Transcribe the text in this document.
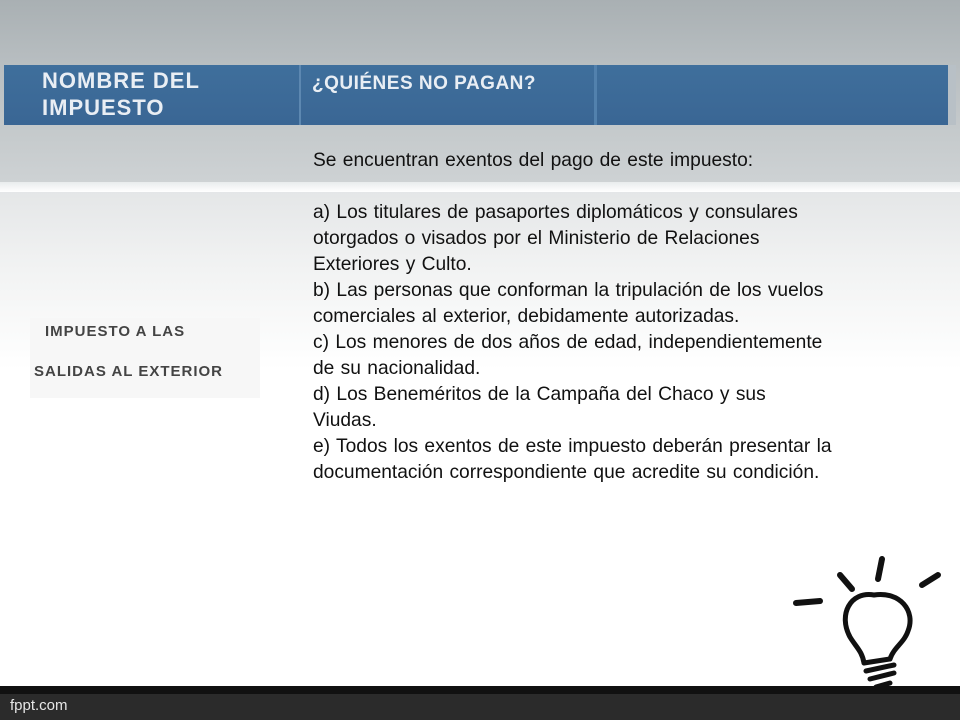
NOMBRE DEL
IMPUESTO
¿QUIÉNES NO PAGAN?
IMPUESTO A LAS
SALIDAS AL EXTERIOR

Se encuentran exentos del pago de este impuesto:

a) Los titulares de pasaportes diplomáticos y consulares otorgados o visados por el Ministerio de Relaciones Exteriores y Culto.

b) Las personas que conforman la tripulación de los vuelos comerciales al exterior, debidamente autorizadas.

c) Los menores de dos años de edad, independientemente de su nacionalidad.

d) Los Beneméritos de la Campaña del Chaco y sus Viudas.

e) Todos los exentos de este impuesto deberán presentar la documentación correspondiente que acredite su condición.

fppt.com
